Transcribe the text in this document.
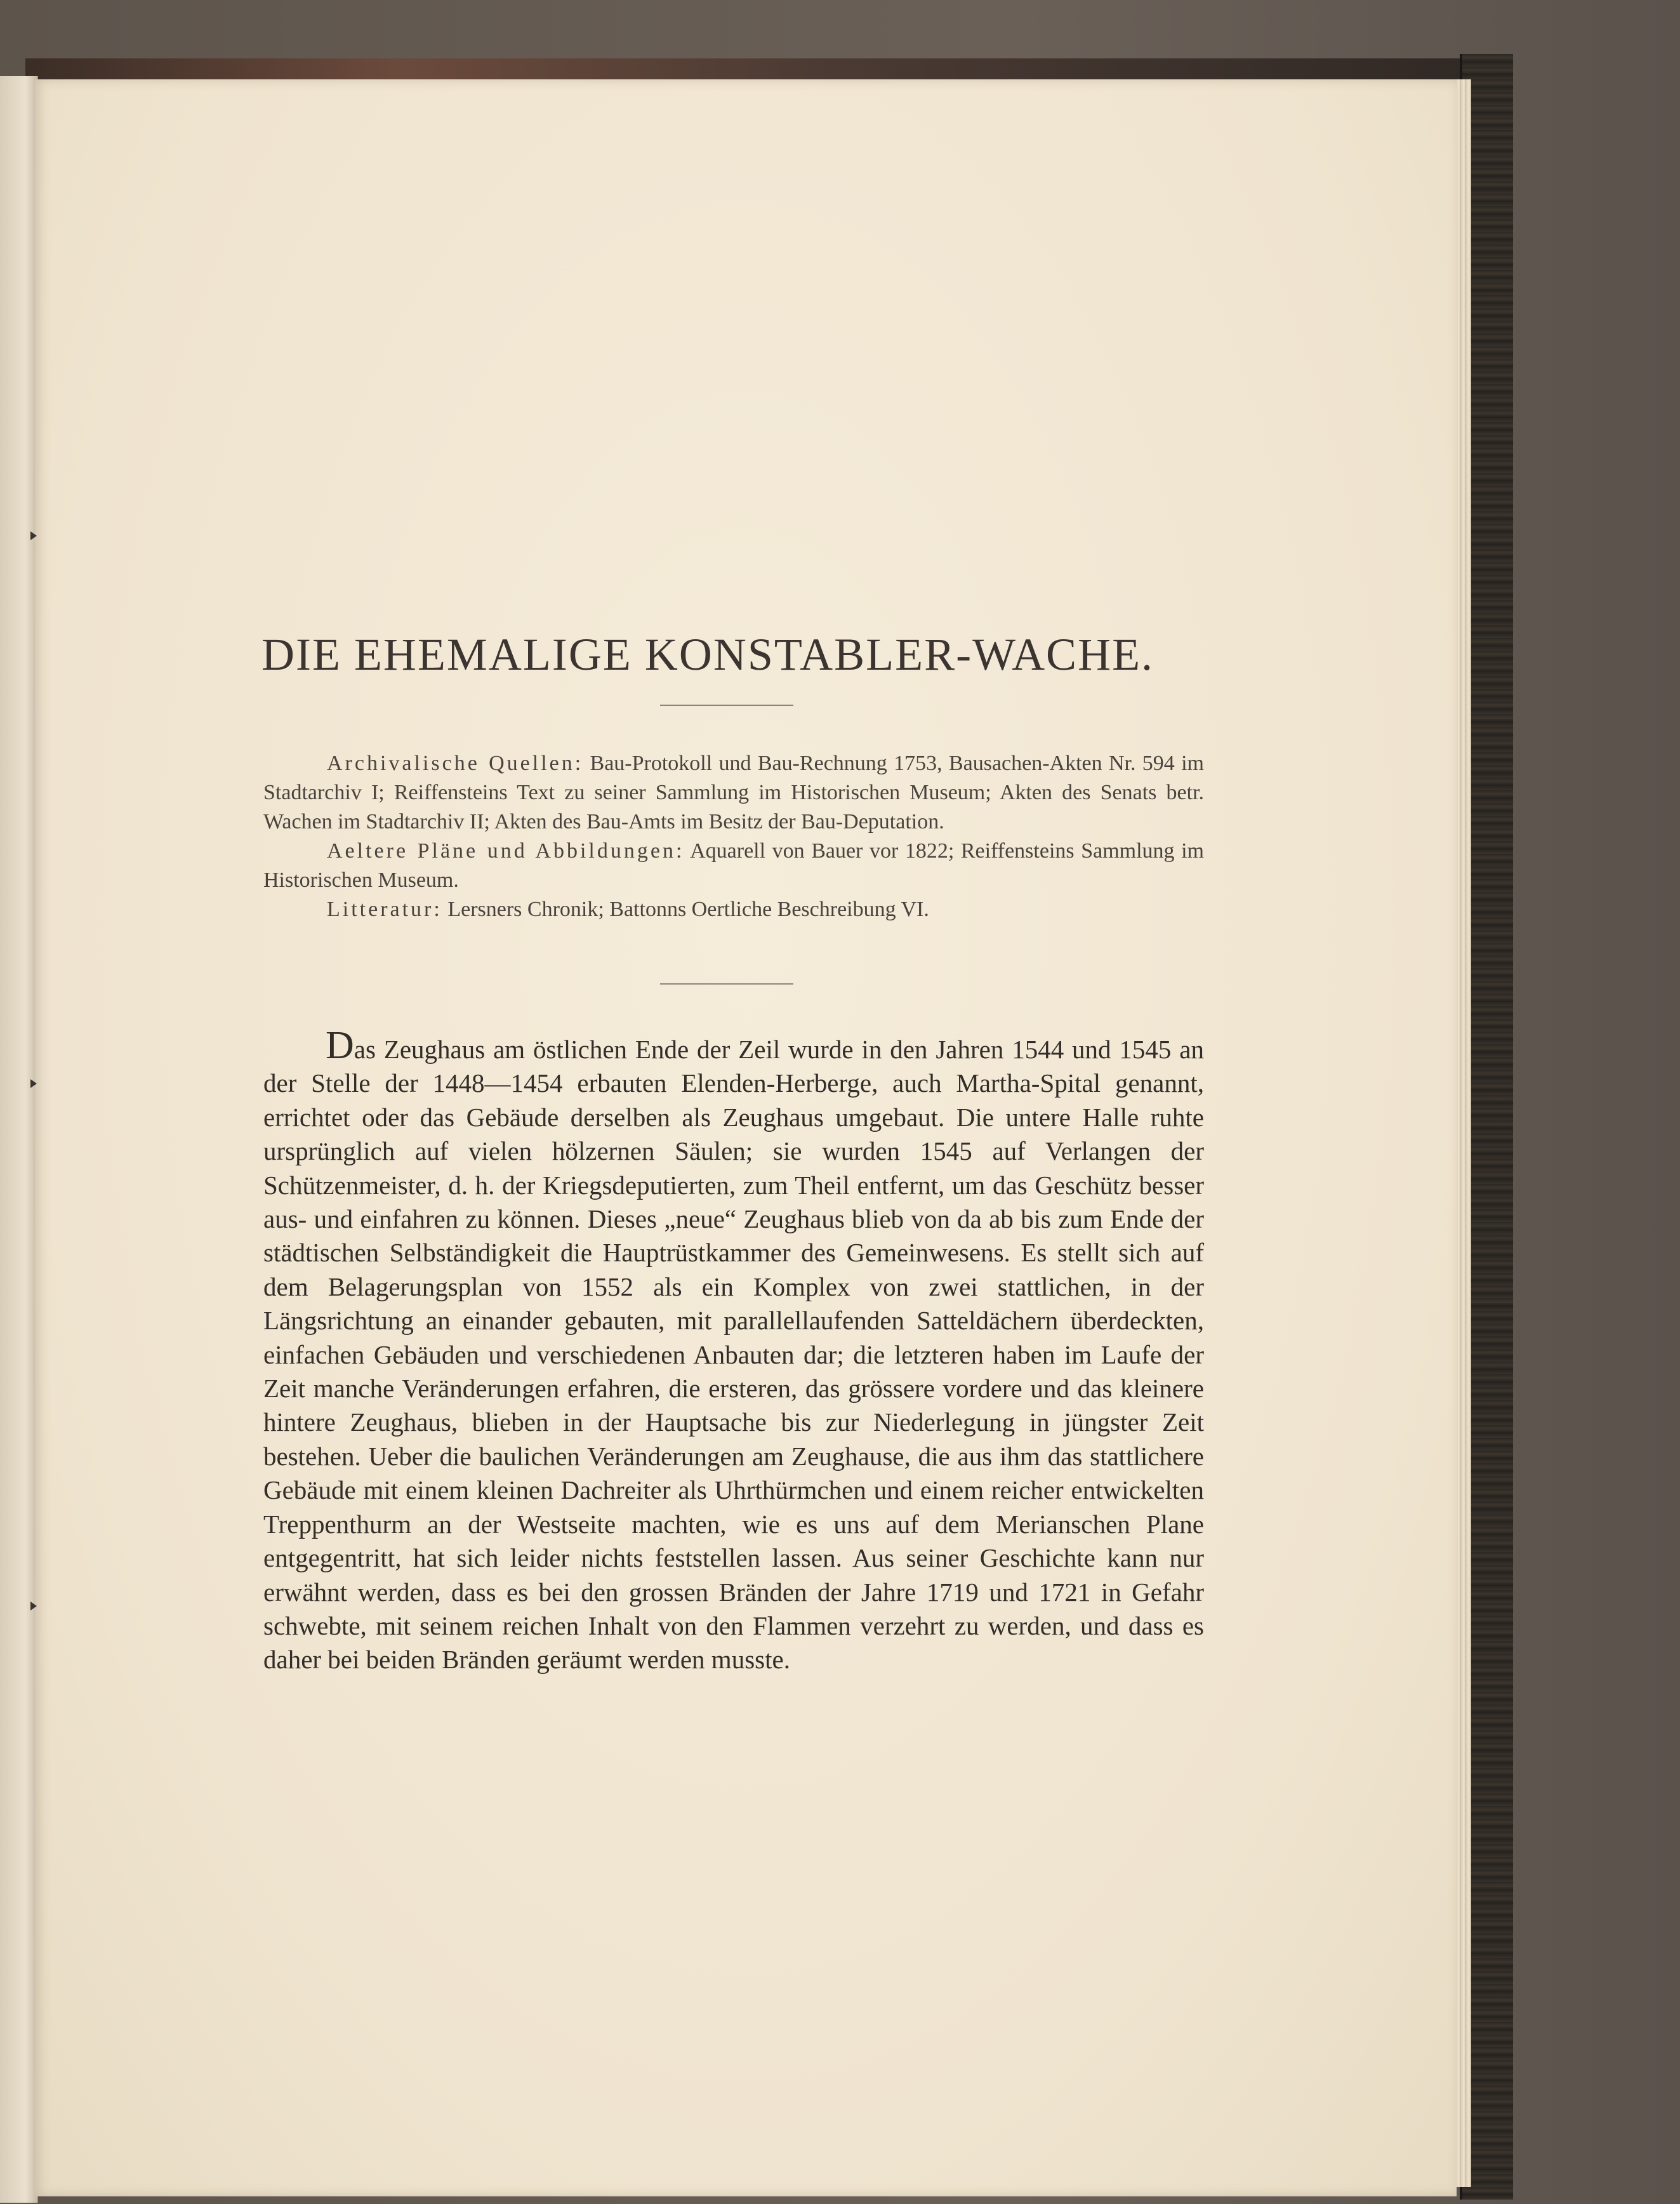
DIE EHEMALIGE KONSTABLER-WACHE.

Archivalische Quellen: Bau-Protokoll und Bau-Rechnung 1753, Bausachen-Akten Nr. 594 im Stadtarchiv I; Reiffensteins Text zu seiner Sammlung im Historischen Museum; Akten des Senats betr. Wachen im Stadtarchiv II; Akten des Bau-Amts im Besitz der Bau-Deputation.

Aeltere Pläne und Abbildungen: Aquarell von Bauer vor 1822; Reiffensteins Sammlung im Historischen Museum.

Litteratur: Lersners Chronik; Battonns Oertliche Beschreibung VI.

Das Zeughaus am östlichen Ende der Zeil wurde in den Jahren 1544 und 1545 an der Stelle der 1448—1454 erbauten Elenden-Herberge, auch Martha-Spital genannt, errichtet oder das Gebäude derselben als Zeughaus umgebaut. Die untere Halle ruhte ursprünglich auf vielen hölzernen Säulen; sie wurden 1545 auf Verlangen der Schützenmeister, d. h. der Kriegsdeputierten, zum Theil entfernt, um das Geschütz besser aus- und einfahren zu können. Dieses „neue“ Zeughaus blieb von da ab bis zum Ende der städtischen Selbständigkeit die Hauptrüstkammer des Gemeinwesens. Es stellt sich auf dem Belagerungsplan von 1552 als ein Komplex von zwei stattlichen, in der Längsrichtung an einander gebauten, mit parallellaufenden Satteldächern überdeckten, einfachen Gebäuden und verschiedenen Anbauten dar; die letzteren haben im Laufe der Zeit manche Veränderungen erfahren, die ersteren, das grössere vordere und das kleinere hintere Zeughaus, blieben in der Hauptsache bis zur Niederlegung in jüngster Zeit bestehen. Ueber die baulichen Veränderungen am Zeughause, die aus ihm das stattlichere Gebäude mit einem kleinen Dachreiter als Uhrthürmchen und einem reicher entwickelten Treppenthurm an der Westseite machten, wie es uns auf dem Merianschen Plane entgegentritt, hat sich leider nichts feststellen lassen. Aus seiner Geschichte kann nur erwähnt werden, dass es bei den grossen Bränden der Jahre 1719 und 1721 in Gefahr schwebte, mit seinem reichen Inhalt von den Flammen verzehrt zu werden, und dass es daher bei beiden Bränden geräumt werden musste.
